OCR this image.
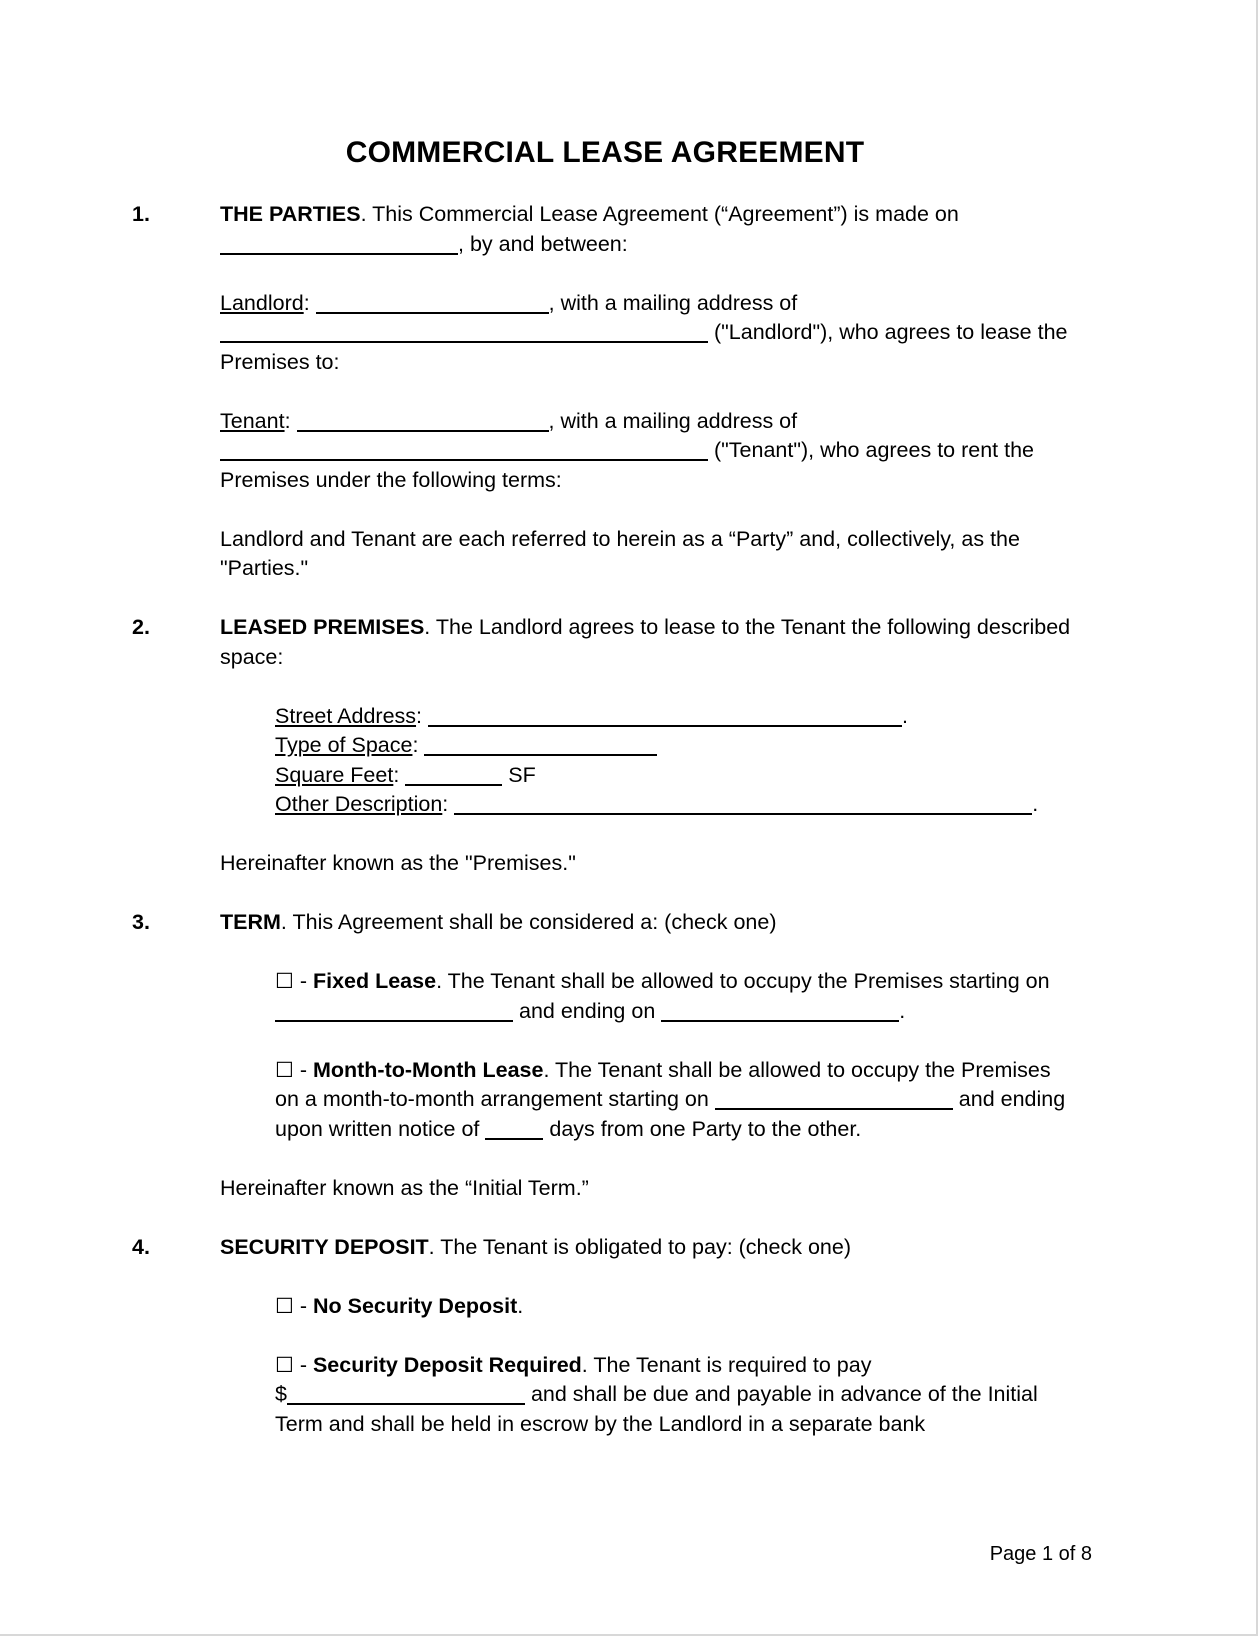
COMMERCIAL LEASE AGREEMENT
1.	THE PARTIES. This Commercial Lease Agreement (“Agreement”) is made on
, by and between:
Landlord:	, with a mailing address of
("Landlord"), who agrees to lease the Premises to:
Tenant:	, with a mailing address of
("Tenant"), who agrees to rent the Premises under the following terms:
Landlord and Tenant are each referred to herein as a “Party” and, collectively, as the "Parties."
2.	LEASED PREMISES. The Landlord agrees to lease to the Tenant the following described space:
Street Address:	.
Type of Space:
Square Feet:	SF
Other Description:	.
Hereinafter known as the "Premises."
3.	TERM. This Agreement shall be considered a: (check one)
☐ - Fixed Lease. The Tenant shall be allowed to occupy the Premises starting on  and ending on	.
☐ - Month-to-Month Lease. The Tenant shall be allowed to occupy the Premises on a month-to-month arrangement starting on	and ending upon written notice of	days from one Party to the other.
Hereinafter known as the “Initial Term.”
4.	SECURITY DEPOSIT. The Tenant is obligated to pay: (check one)
☐ - No Security Deposit.
☐ - Security Deposit Required. The Tenant is required to pay
$	and shall be due and payable in advance of the Initial Term and shall be held in escrow by the Landlord in a separate bank
Page 1 of 8
